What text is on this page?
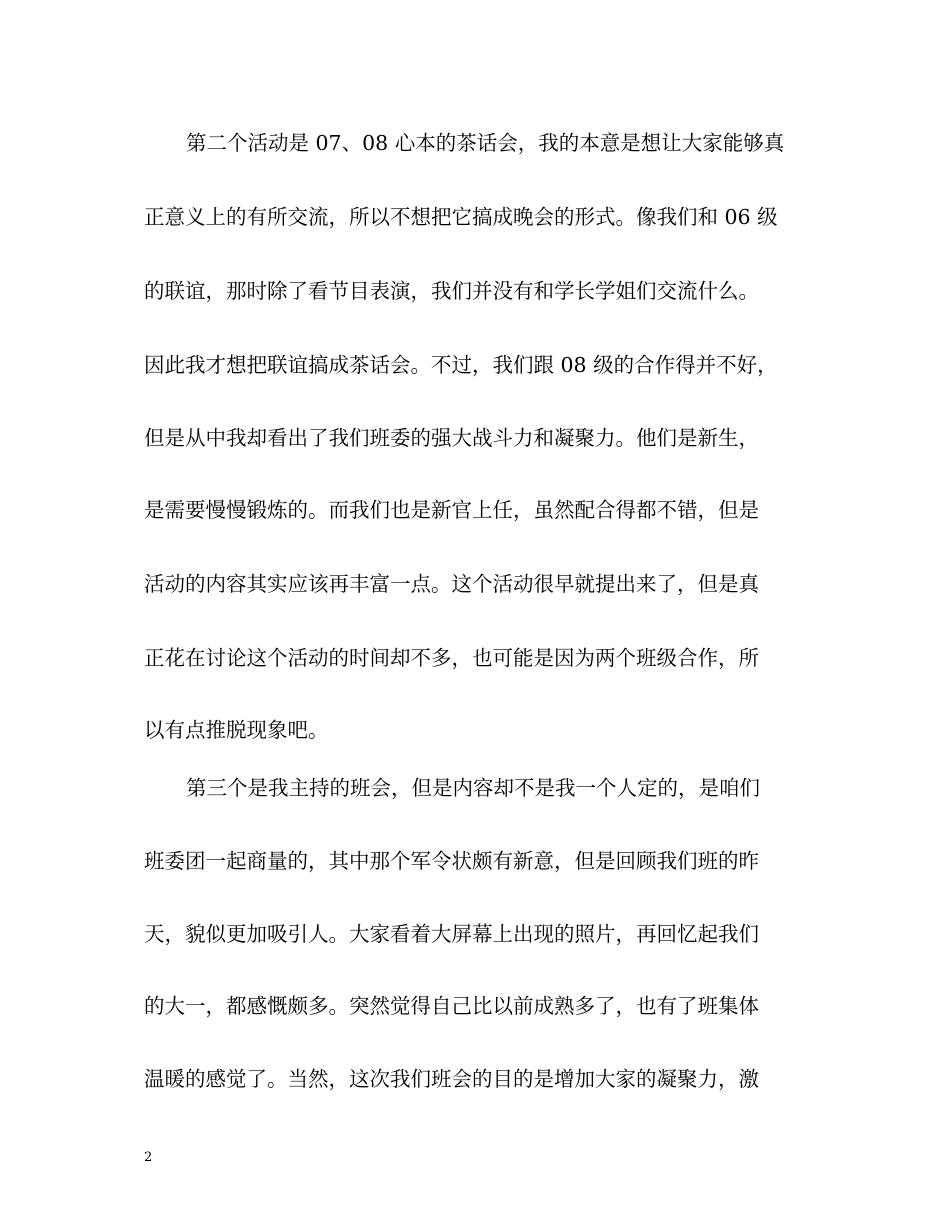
第二个活动是 07、08 心本的茶话会，我的本意是想让大家能够真
正意义上的有所交流，所以不想把它搞成晚会的形式。像我们和 06 级
的联谊，那时除了看节目表演，我们并没有和学长学姐们交流什么。
因此我才想把联谊搞成茶话会。不过，我们跟 08 级的合作得并不好，
但是从中我却看出了我们班委的强大战斗力和凝聚力。他们是新生，
是需要慢慢锻炼的。而我们也是新官上任，虽然配合得都不错，但是
活动的内容其实应该再丰富一点。这个活动很早就提出来了，但是真
正花在讨论这个活动的时间却不多，也可能是因为两个班级合作，所
以有点推脱现象吧。
第三个是我主持的班会，但是内容却不是我一个人定的，是咱们
班委团一起商量的，其中那个军令状颇有新意，但是回顾我们班的昨
天，貌似更加吸引人。大家看着大屏幕上出现的照片，再回忆起我们
的大一，都感慨颇多。突然觉得自己比以前成熟多了，也有了班集体
温暖的感觉了。当然，这次我们班会的目的是增加大家的凝聚力，激
2
